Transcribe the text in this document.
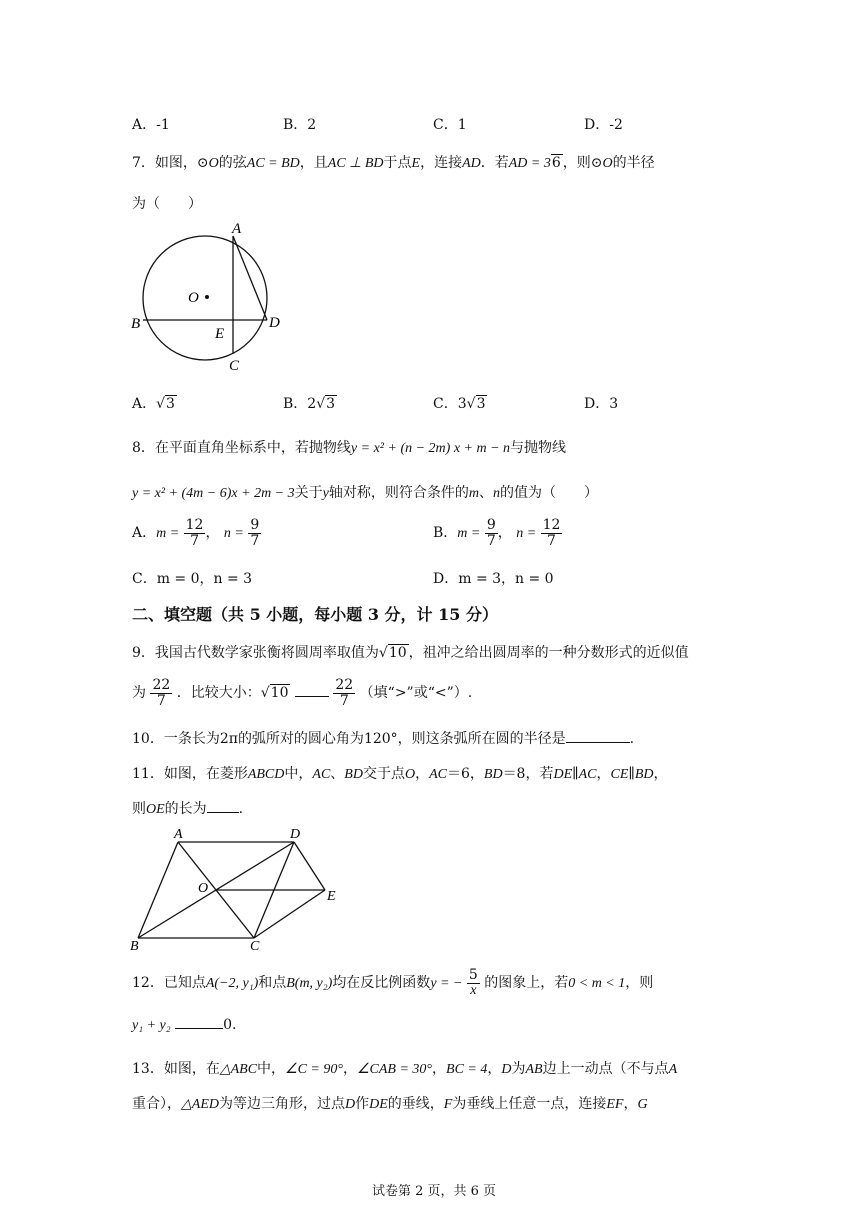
A．-1	B．2	C．1	D．-2
7．如图，⊙O的弦AC = BD，且AC ⊥ BD于点E，连接AD．若AD = 36 ，则⊙O的半径
为（　　）
A
O
B
E
D
C
A．√3	B．2√3	C．3√3	D．3
8．在平面直角坐标系中，若抛物线y = x² + (n − 2m) x + m − n与抛物线
y = x² + (4m − 6)x + 2m − 3关于y轴对称，则符合条件的m、n的值为（　　）
A．$m = \frac{12}{7}$ ， $n = \frac{9}{7}$	B．$m = \frac{9}{7}$ ， $n = \frac{12}{7}$
C．m = 0，n = 3	D．m = 3，n = 0
二、填空题（共 5 小题，每小题 3 分，计 15 分）
9．我国古代数学家张衡将圆周率取值为√10 ，祖冲之给出圆周率的一种分数形式的近似值
为 $\frac{22}{7}$ ．比较大小：√10	$\frac{22}{7}$ （填“>”或“<”）.
10．一条长为2π的弧所对的圆心角为120°，则这条弧所在圆的半径是	.
11．如图，在菱形ABCD中，AC、BD交于点O，AC＝6，BD＝8，若DE∥AC，CE∥BD，
则OE的长为 .
A	D
O
E
B	C
12．已知点A(−2, y₁)和点B(m, y₂)均在反比例函数y = − $\frac{5}{x}$ 的图象上，若0 < m < 1，则
y₁ + y₂	0.
13．如图，在△ABC中，∠C = 90°，∠CAB = 30°，BC = 4，D为AB边上一动点（不与点A
重合），△AED为等边三角形，过点D作DE的垂线，F为垂线上任意一点，连接EF，G
试卷第 2 页，共 6 页
